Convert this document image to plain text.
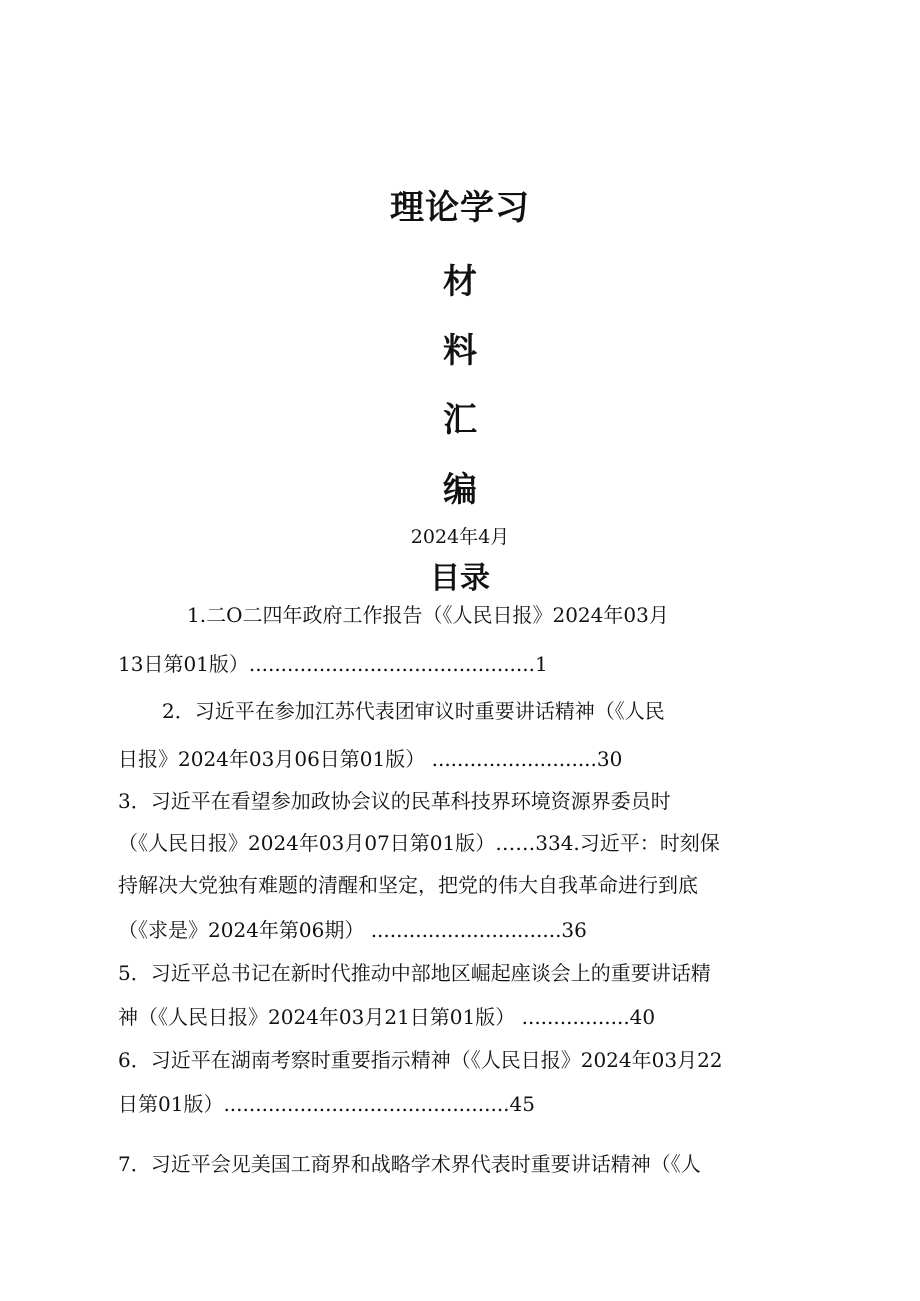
理论学习
材
料
汇
编
2024年4月
目录
1.二O二四年政府工作报告（《人民日报》2024年03月
13日第01版）.............................................1
2．习近平在参加江苏代表团审议时重要讲话精神（《人民
日报》2024年03月06日第01版） ..........................30
3．习近平在看望参加政协会议的民革科技界环境资源界委员时
（《人民日报》2024年03月07日第01版）……334.习近平：时刻保
持解决大党独有难题的清醒和坚定，把党的伟大自我革命进行到底
（《求是》2024年第06期） ..............................36
5．习近平总书记在新时代推动中部地区崛起座谈会上的重要讲话精
神（《人民日报》2024年03月21日第01版） .................40
6．习近平在湖南考察时重要指示精神（《人民日报》2024年03月22
日第01版）.............................................45
7．习近平会见美国工商界和战略学术界代表时重要讲话精神（《人
